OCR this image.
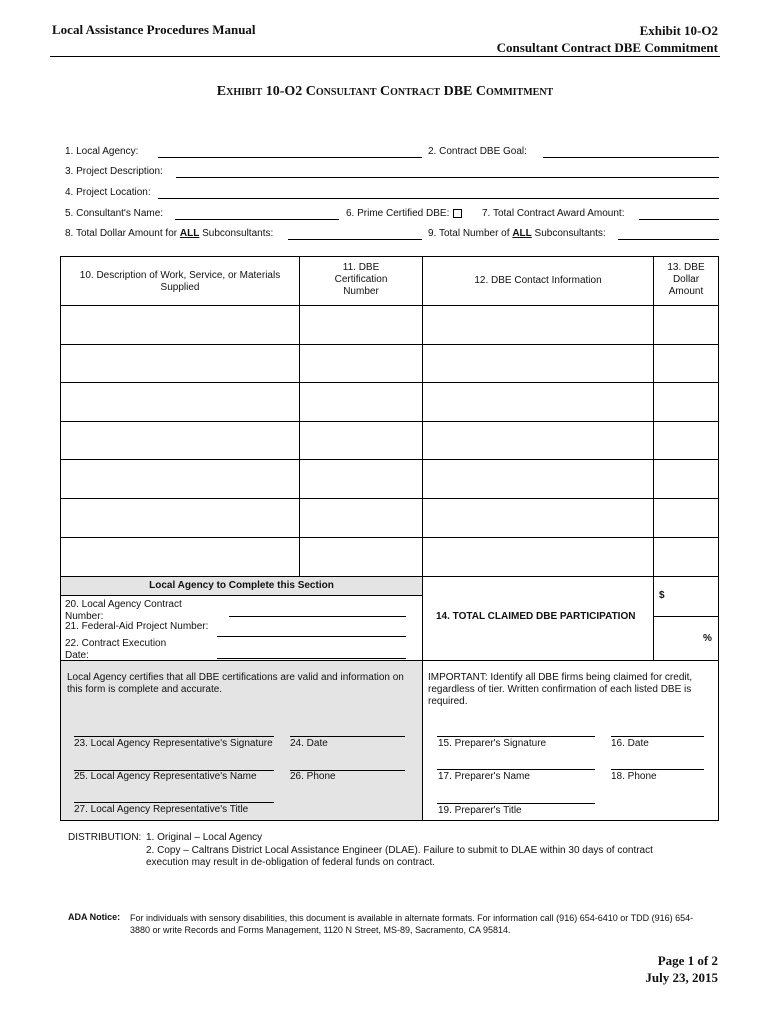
Local Assistance Procedures Manual	Exhibit 10-O2
Consultant Contract DBE Commitment
Exhibit 10-O2 Consultant Contract DBE Commitment
1. Local Agency:	2. Contract DBE Goal:
3. Project Description:
4. Project Location:
5. Consultant's Name:	6. Prime Certified DBE:	7. Total Contract Award Amount:
8. Total Dollar Amount for ALL Subconsultants:	9. Total Number of ALL Subconsultants:
10. Description of Work, Service, or Materials Supplied
11. DBE Certification Number
12. DBE Contact Information
13. DBE Dollar Amount
Local Agency to Complete this Section
20. Local Agency Contract Number:
21. Federal-Aid Project Number:
22. Contract Execution Date:
Local Agency certifies that all DBE certifications are valid and information on this form is complete and accurate.
23. Local Agency Representative's Signature 24. Date
25. Local Agency Representative's Name	26. Phone
27. Local Agency Representative's Title
$
14. TOTAL CLAIMED DBE PARTICIPATION
%
IMPORTANT: Identify all DBE firms being claimed for credit, regardless of tier. Written confirmation of each listed DBE is required.
15. Preparer's Signature	16. Date
17. Preparer's Name	18. Phone
19. Preparer's Title
DISTRIBUTION: 1. Original – Local Agency
2. Copy – Caltrans District Local Assistance Engineer (DLAE). Failure to submit to DLAE within 30 days of contract execution may result in de-obligation of federal funds on contract.
ADA Notice: For individuals with sensory disabilities, this document is available in alternate formats. For information call (916) 654-6410 or TDD (916) 654-3880 or write Records and Forms Management, 1120 N Street, MS-89, Sacramento, CA 95814.
Page 1 of 2
July 23, 2015
